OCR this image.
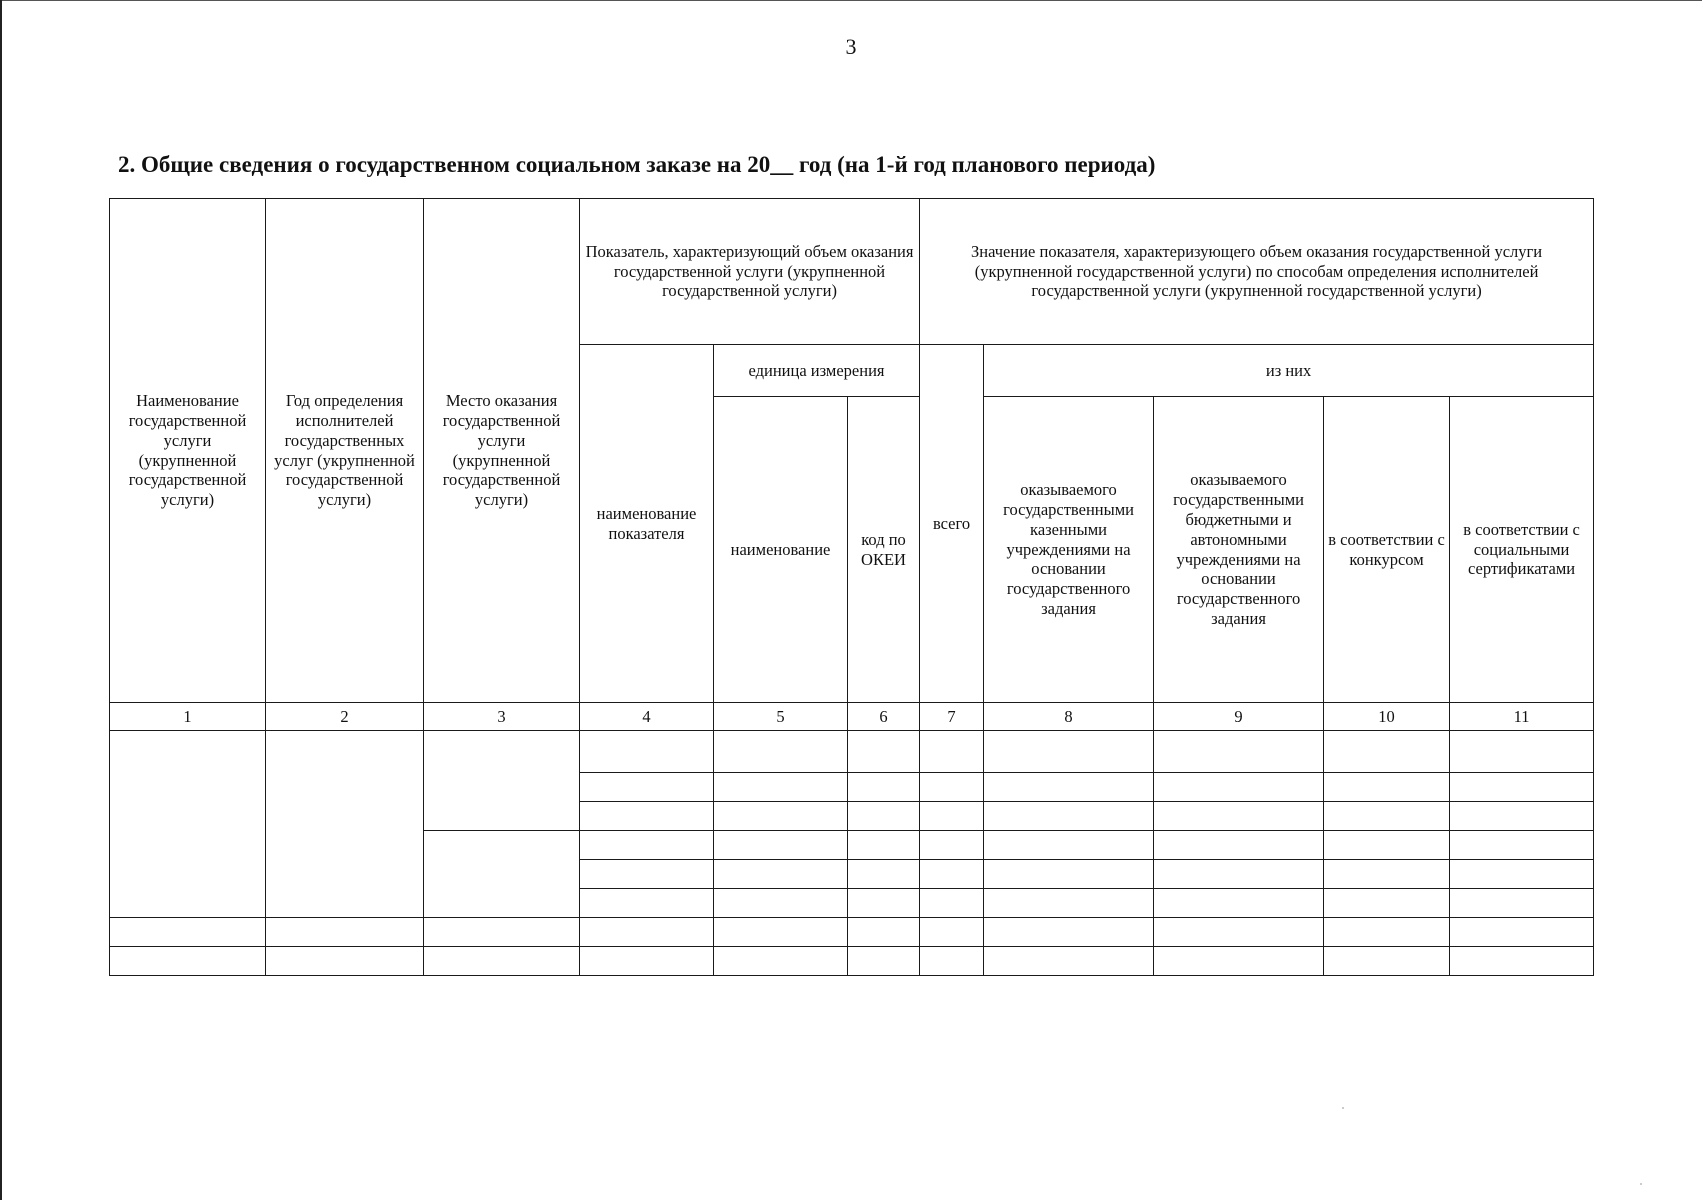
3
2. Общие сведения о государственном социальном заказе на 20__ год (на 1-й год планового периода)
Наименование государственной услуги (укрупненной государственной услуги)	Год определения исполнителей государственных услуг (укрупненной государственной услуги)	Место оказания государственной услуги (укрупненной государственной услуги)	Показатель, характеризующий объем оказания государственной услуги (укрупненной государственной услуги)			Значение показателя, характеризующего объем оказания государственной услуги (укрупненной государственной услуги) по способам определения исполнителей государственной услуги (укрупненной государственной услуги)				
			наименование показателя	единица измерения		всего	из них			
				наименование	код по ОКЕИ		оказываемого государственными казенными учреждениями на основании государственного задания	оказываемого государственными бюджетными и автономными учреждениями на основании государственного задания	в соответствии с конкурсом	в соответствии с социальными сертификатами
1	2	3	4	5	6	7	8	9	10	11
